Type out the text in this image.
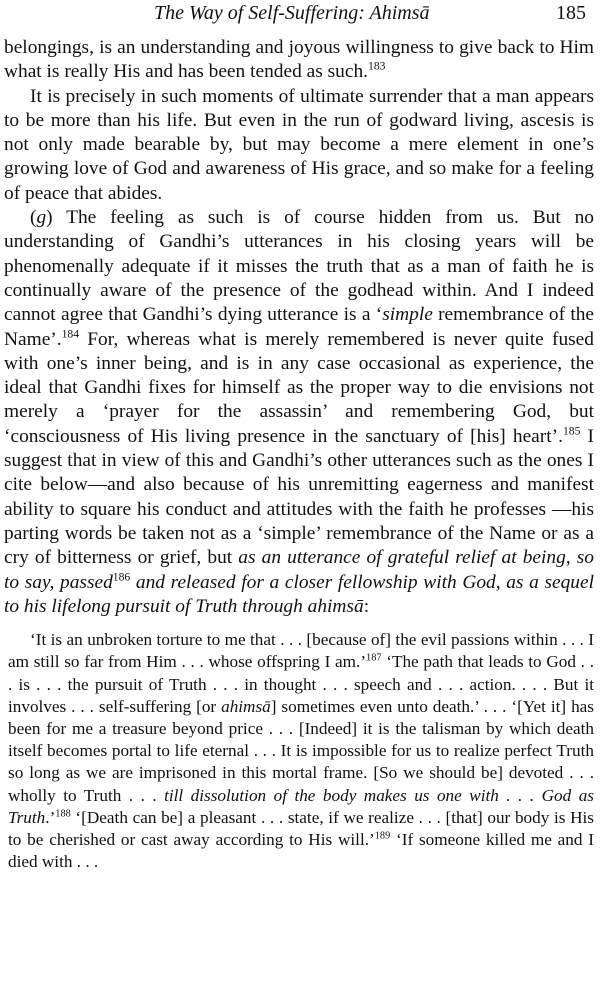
The Way of Self-Suffering: Ahimsā	185

belongings, is an understanding and joyous willingness to give back to Him what is really His and has been tended as such.$^{183}$

It is precisely in such moments of ultimate surrender that a man appears to be more than his life. But even in the run of godward living, ascesis is not only made bearable by, but may become a mere element in one’s growing love of God and awareness of His grace, and so make for a feeling of peace that abides.

(g) The feeling as such is of course hidden from us. But no understanding of Gandhi’s utterances in his closing years will be phenomenally adequate if it misses the truth that as a man of faith he is continually aware of the presence of the godhead within. And I indeed cannot agree that Gandhi’s dying utterance is a ‘simple remembrance of the Name’.$^{184}$ For, whereas what is merely remembered is never quite fused with one’s inner being, and is in any case occasional as experience, the ideal that Gandhi fixes for himself as the proper way to die envisions not merely a ‘prayer for the assassin’ and remembering God, but ‘consciousness of His living presence in the sanctuary of [his] heart’.$^{185}$ I suggest that in view of this and Gandhi’s other utterances such as the ones I cite below—and also because of his unremitting eagerness and manifest ability to square his conduct and attitudes with the faith he professes —his parting words be taken not as a ‘simple’ remembrance of the Name or as a cry of bitterness or grief, but as an utterance of grateful relief at being, so to say, passed$^{186}$ and released for a closer fellowship with God, as a sequel to his lifelong pursuit of Truth through ahimsā:

‘It is an unbroken torture to me that . . . [because of] the evil passions within . . . I am still so far from Him . . . whose offspring I am.’$^{187}$ ‘The path that leads to God . . . is . . . the pursuit of Truth . . . in thought . . . speech and . . . action. . . . But it involves . . . self-suffering [or ahimsā] sometimes even unto death.’ . . . ‘[Yet it] has been for me a treasure beyond price . . . [Indeed] it is the talisman by which death itself becomes portal to life eternal . . . It is impossible for us to realize perfect Truth so long as we are imprisoned in this mortal frame. [So we should be] devoted . . . wholly to Truth . . . till dissolution of the body makes us one with . . . God as Truth.’$^{188}$ ‘[Death can be] a pleasant . . . state, if we realize . . . [that] our body is His to be cherished or cast away according to His will.’$^{189}$ ‘If someone killed me and I died with . . .
